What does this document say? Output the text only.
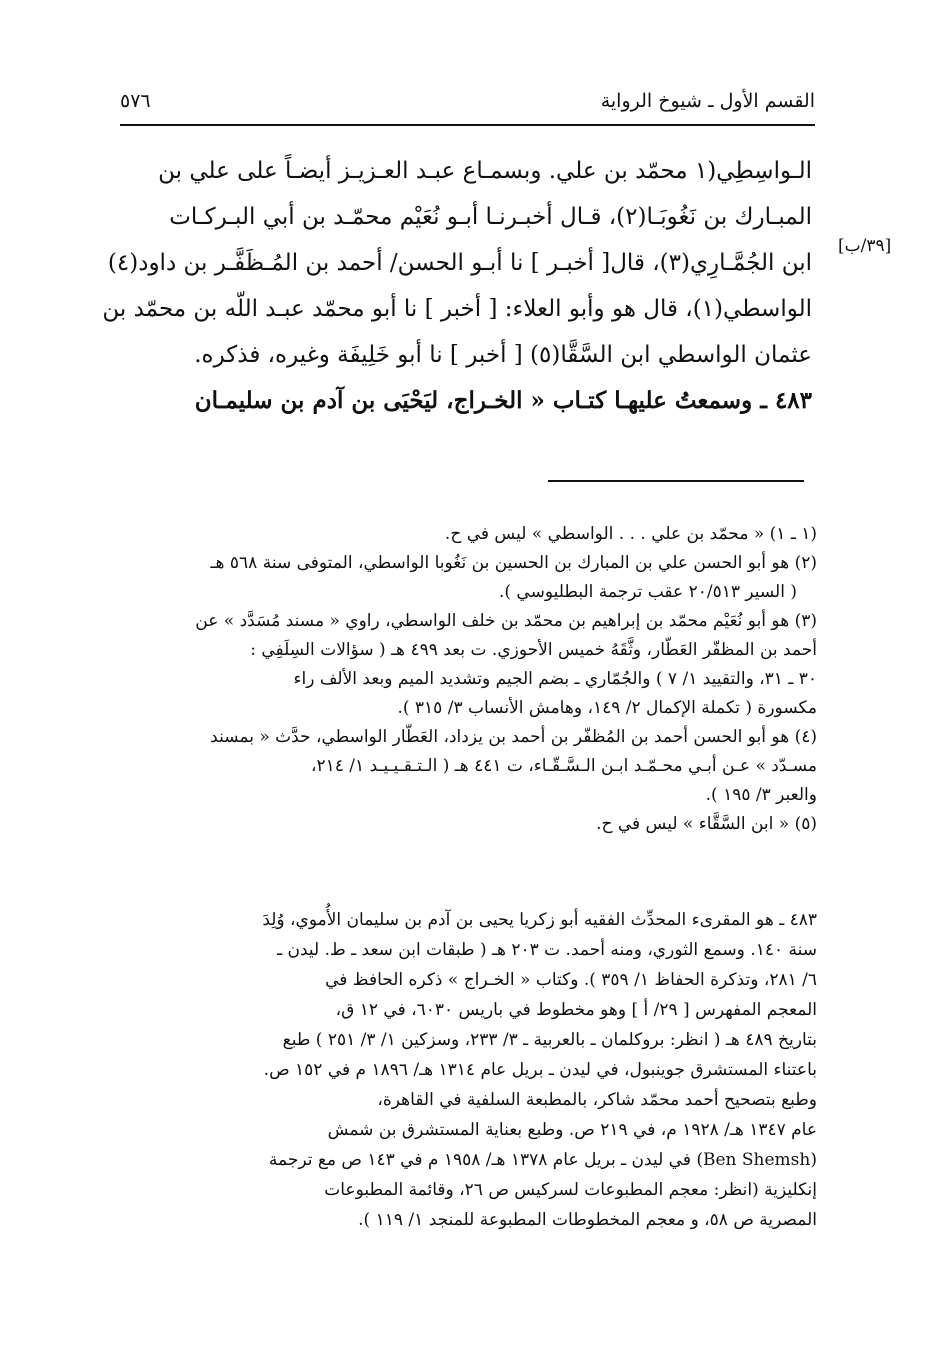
٥٧٦	القسم الأول ـ شيوخ الرواية
[٣٩/ب]
الـواسِطِي(١ محمّد بن علي. وبسمـاع عبـد العـزيـز أيضـاً على علي بن
المبـارك بن نَغُوبَـا(٢)، قـال أخبـرنـا أبـو نُعَيْم محمّـد بن أبي البـركـات
ابن الجُمَّـارِي(٣)، قال[ أخبـر ] نا أبـو الحسن/ أحمد بن المُـظَفَّـر بن داود(٤)
الواسطي(١)، قال هو وأبو العلاء: [ أخبر ] نا أبو محمّد عبـد اللّه بن محمّد بن
عثمان الواسطي ابن السَّقَّا(٥) [ أخبر ] نا أبو خَلِيفَة وغيره، فذكره.
٤٨٣ ـ وسمعتُ عليهـا كتـاب « الخـراج، ليَحْيَى بن آدم بن سليمـان

(١ ـ ١) « محمّد بن علي . . . الواسطي » ليس في ح.

(٢) هو أبو الحسن علي بن المبارك بن الحسين بن نَغُوبا الواسطي، المتوفى سنة ٥٦٨ هـ

( السير ٢٠/٥١٣ عقب ترجمة البطليوسي ).

(٣) هو أبو نُعَيْم محمّد بن إبراهيم بن محمّد بن خلف الواسطي، راوي « مسند مُسَدَّد » عن

أحمد بن المظفّر العَطّار، وثَّقَهُ خميس الأحوزي. ت بعد ٤٩٩ هـ ( سؤالات السِلَفِي :

٣٠ ـ ٣١، والتقييد ١/ ٧ ) والجُمّاري ـ بضم الجيم وتشديد الميم وبعد الألف راء

مكسورة ( تكملة الإكمال ٢/ ١٤٩، وهامش الأنساب ٣/ ٣١٥ ).

(٤) هو أبو الحسن أحمد بن المُظفّر بن أحمد بن يزداد، العَطّار الواسطي، حدَّث « بمسند

مسـدّد » عـن أبـي محـمّـد ابـن الـسَّـقّـاء، ت ٤٤١ هـ ( الـتـقـيـيـد ١/ ٢١٤،

والعبر ٣/ ١٩٥ ).

(٥) « ابن السَّقَّاء » ليس في ح.

٤٨٣ ـ هو المقرىء المحدِّث الفقيه أبو زكريا يحيى بن آدم بن سليمان الأُموي، وُلِدَ

سنة ١٤٠. وسمع الثوري، ومنه أحمد. ت ٢٠٣ هـ ( طبقات ابن سعد ـ ط. ليدن ـ

٦/ ٢٨١، وتذكرة الحفاظ ١/ ٣٥٩ ). وكتاب « الخـراج » ذكره الحافظ في

المعجم المفهرس [ ٢٩/ أ ] وهو مخطوط في باريس ٦٠٣٠، في ١٢ ق،

بتاريخ ٤٨٩ هـ ( انظر: بروكلمان ـ بالعربية ـ ٣/ ٢٣٣، وسزكين ١/ ٣/ ٢٥١ ) طبع

باعتناء المستشرق جوينبول، في ليدن ـ بريل عام ١٣١٤ هـ/ ١٨٩٦ م في ١٥٢ ص.

وطبع بتصحيح أحمد محمّد شاكر، بالمطبعة السلفية في القاهرة،

عام ١٣٤٧ هـ/ ١٩٢٨ م، في ٢١٩ ص. وطبع بعناية المستشرق بن شمش

(Ben Shemsh) في ليدن ـ بريل عام ١٣٧٨ هـ/ ١٩٥٨ م في ١٤٣ ص مع ترجمة

إنكليزية (انظر: معجم المطبوعات لسركيس ص ٢٦، وقائمة المطبوعات

المصرية ص ٥٨، و معجم المخطوطات المطبوعة للمنجد ١/ ١١٩ ).
